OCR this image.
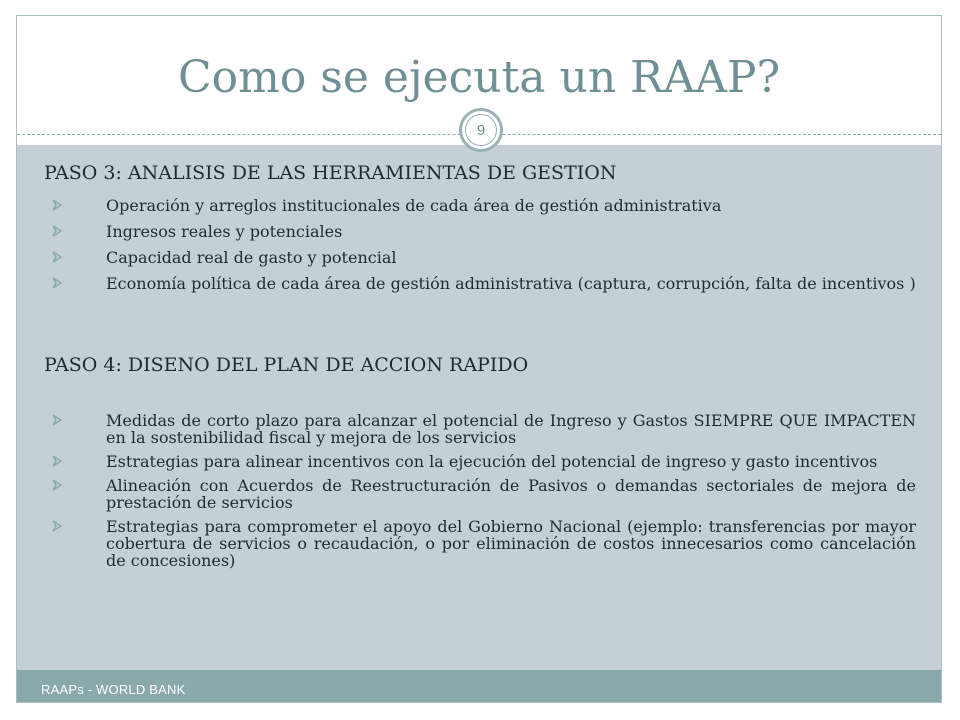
Como se ejecuta un RAAP?
9
PASO 3: ANALISIS DE LAS HERRAMIENTAS DE GESTION
Operación y arreglos institucionales de cada área de gestión administrativa
Ingresos reales y potenciales
Capacidad real de gasto y potencial
Economía política de cada área de gestión administrativa (captura, corrupción, falta de incentivos )
PASO 4: DISENO DEL PLAN DE ACCION RAPIDO
Medidas de corto plazo para alcanzar el potencial de Ingreso y Gastos SIEMPRE QUE IMPACTEN en la sostenibilidad fiscal y mejora de los servicios
Estrategias para alinear incentivos con la ejecución del potencial de ingreso y gasto incentivos
Alineación con Acuerdos de Reestructuración de Pasivos o demandas sectoriales de mejora de prestación de servicios
Estrategias para comprometer el apoyo del Gobierno Nacional (ejemplo: transferencias por mayor cobertura de servicios o recaudación, o por eliminación de costos innecesarios como cancelación de concesiones)
RAAPs - WORLD BANK
